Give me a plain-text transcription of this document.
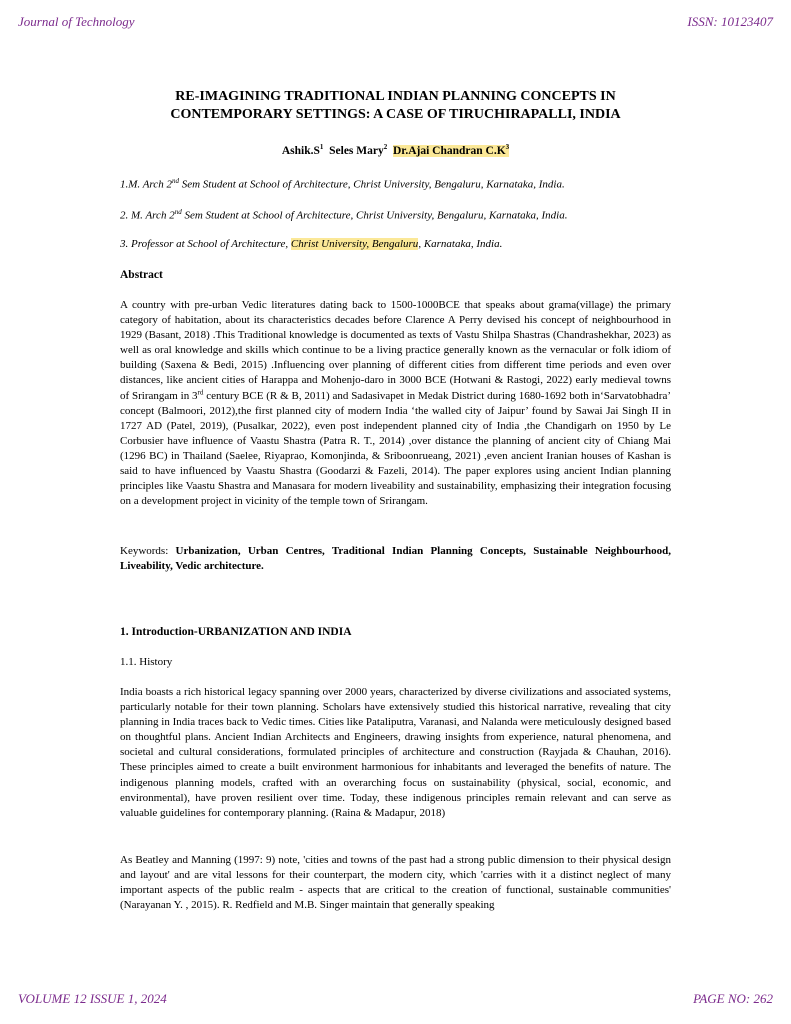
Journal of Technology	ISSN: 10123407
RE-IMAGINING TRADITIONAL INDIAN PLANNING CONCEPTS IN
CONTEMPORARY SETTINGS: A CASE OF TIRUCHIRAPALLI, INDIA
$Ashik.S^1$ Seles Mary$^2$ Dr.Ajai Chandran $C.K^3$
1.M. Arch 2nd Sem Student at School of Architecture, Christ University, Bengaluru, Karnataka, India.
2. M. Arch 2nd Sem Student at School of Architecture, Christ University, Bengaluru, Karnataka, India.
3. Professor at School of Architecture, Christ University, Bengaluru, Karnataka, India.
Abstract
A country with pre-urban Vedic literatures dating back to 1500-1000BCE that speaks about grama(village) the primary category of habitation, about its characteristics decades before Clarence A Perry devised his concept of neighbourhood in 1929 (Basant, 2018) .This Traditional knowledge is documented as texts of Vastu Shilpa Shastras (Chandrashekhar, 2023) as well as oral knowledge and skills which continue to be a living practice generally known as the vernacular or folk idiom of building (Saxena & Bedi, 2015) .Influencing over planning of different cities from different time periods and even over distances, like ancient cities of Harappa and Mohenjo-daro in 3000 BCE (Hotwani & Rastogi, 2022) early medieval towns of Srirangam in 3rd century BCE (R & B, 2011) and Sadasivapet in Medak District during 1680-1692 both in‘Sarvatobhadra’ concept (Balmoori, 2012),the first planned city of modern India ‘the walled city of Jaipur’ found by Sawai Jai Singh II in 1727 AD (Patel, 2019), (Pusalkar, 2022), even post independent planned city of India ,the Chandigarh on 1950 by Le Corbusier have influence of Vaastu Shastra (Patra R. T., 2014) ,over distance the planning of ancient city of Chiang Mai (1296 BC) in Thailand (Saelee, Riyaprao, Komonjinda, & Sriboonrueang, 2021) ,even ancient Iranian houses of Kashan is said to have influenced by Vaastu Shastra (Goodarzi & Fazeli, 2014). The paper explores using ancient Indian planning principles like Vaastu Shastra and Manasara for modern liveability and sustainability, emphasizing their integration focusing on a development project in vicinity of the temple town of Srirangam.
Keywords: Urbanization, Urban Centres, Traditional Indian Planning Concepts, Sustainable Neighbourhood, Liveability, Vedic architecture.
1. Introduction-URBANIZATION AND INDIA
1.1. History
India boasts a rich historical legacy spanning over 2000 years, characterized by diverse civilizations and associated systems, particularly notable for their town planning. Scholars have extensively studied this historical narrative, revealing that city planning in India traces back to Vedic times. Cities like Pataliputra, Varanasi, and Nalanda were meticulously designed based on thoughtful plans. Ancient Indian Architects and Engineers, drawing insights from experience, natural phenomena, and societal and cultural considerations, formulated principles of architecture and construction (Rayjada & Chauhan, 2016). These principles aimed to create a built environment harmonious for inhabitants and leveraged the benefits of nature. The indigenous planning models, crafted with an overarching focus on sustainability (physical, social, economic, and environmental), have proven resilient over time. Today, these indigenous principles remain relevant and can serve as valuable guidelines for contemporary planning. (Raina & Madapur, 2018)
As Beatley and Manning (1997: 9) note, 'cities and towns of the past had a strong public dimension to their physical design and layout' and are vital lessons for their counterpart, the modern city, which 'carries with it a distinct neglect of many important aspects of the public realm - aspects that are critical to the creation of functional, sustainable communities' (Narayanan Y. , 2015). R. Redfield and M.B. Singer maintain that generally speaking
VOLUME 12 ISSUE 1, 2024	PAGE NO: 262
